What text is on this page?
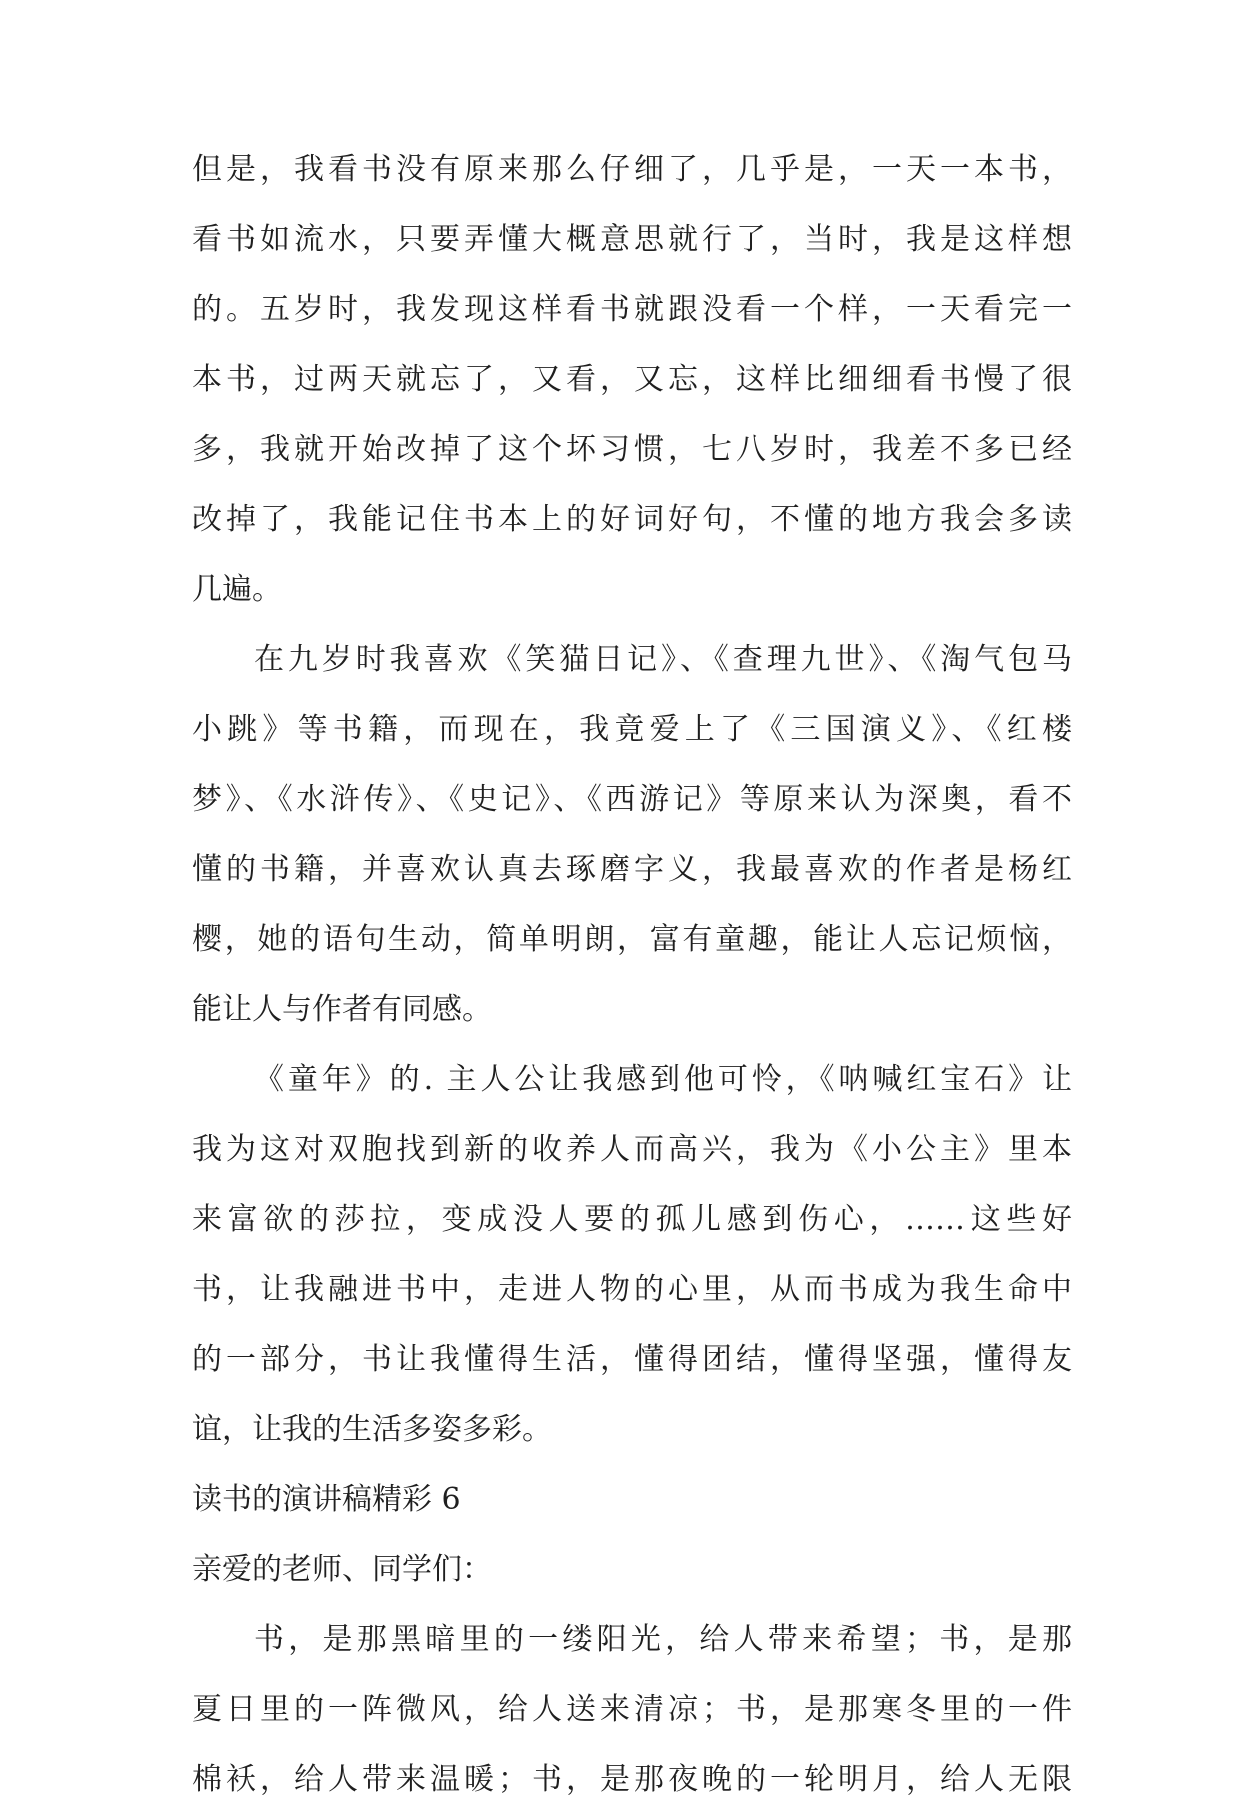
但是，我看书没有原来那么仔细了，几乎是，一天一本书，

看书如流水，只要弄懂大概意思就行了，当时，我是这样想

的。五岁时，我发现这样看书就跟没看一个样，一天看完一

本书，过两天就忘了，又看，又忘，这样比细细看书慢了很

多，我就开始改掉了这个坏习惯，七八岁时，我差不多已经

改掉了，我能记住书本上的好词好句，不懂的地方我会多读

几遍。

在九岁时我喜欢《笑猫日记》、《查理九世》、《淘气包马

小跳》等书籍，而现在，我竟爱上了《三国演义》、《红楼

梦》、《水浒传》、《史记》、《西游记》等原来认为深奥，看不

懂的书籍，并喜欢认真去琢磨字义，我最喜欢的作者是杨红

樱，她的语句生动，简单明朗，富有童趣，能让人忘记烦恼，

能让人与作者有同感。

《童年》的. 主人公让我感到他可怜，《呐喊红宝石》让

我为这对双胞找到新的收养人而高兴，我为《小公主》里本

来富欲的莎拉，变成没人要的孤儿感到伤心，……这些好

书，让我融进书中，走进人物的心里，从而书成为我生命中

的一部分，书让我懂得生活，懂得团结，懂得坚强，懂得友

谊，让我的生活多姿多彩。

读书的演讲稿精彩 6

亲爱的老师、同学们：

书，是那黑暗里的一缕阳光，给人带来希望；书，是那

夏日里的一阵微风，给人送来清凉；书，是那寒冬里的一件

棉袄，给人带来温暖；书，是那夜晚的一轮明月，给人无限
